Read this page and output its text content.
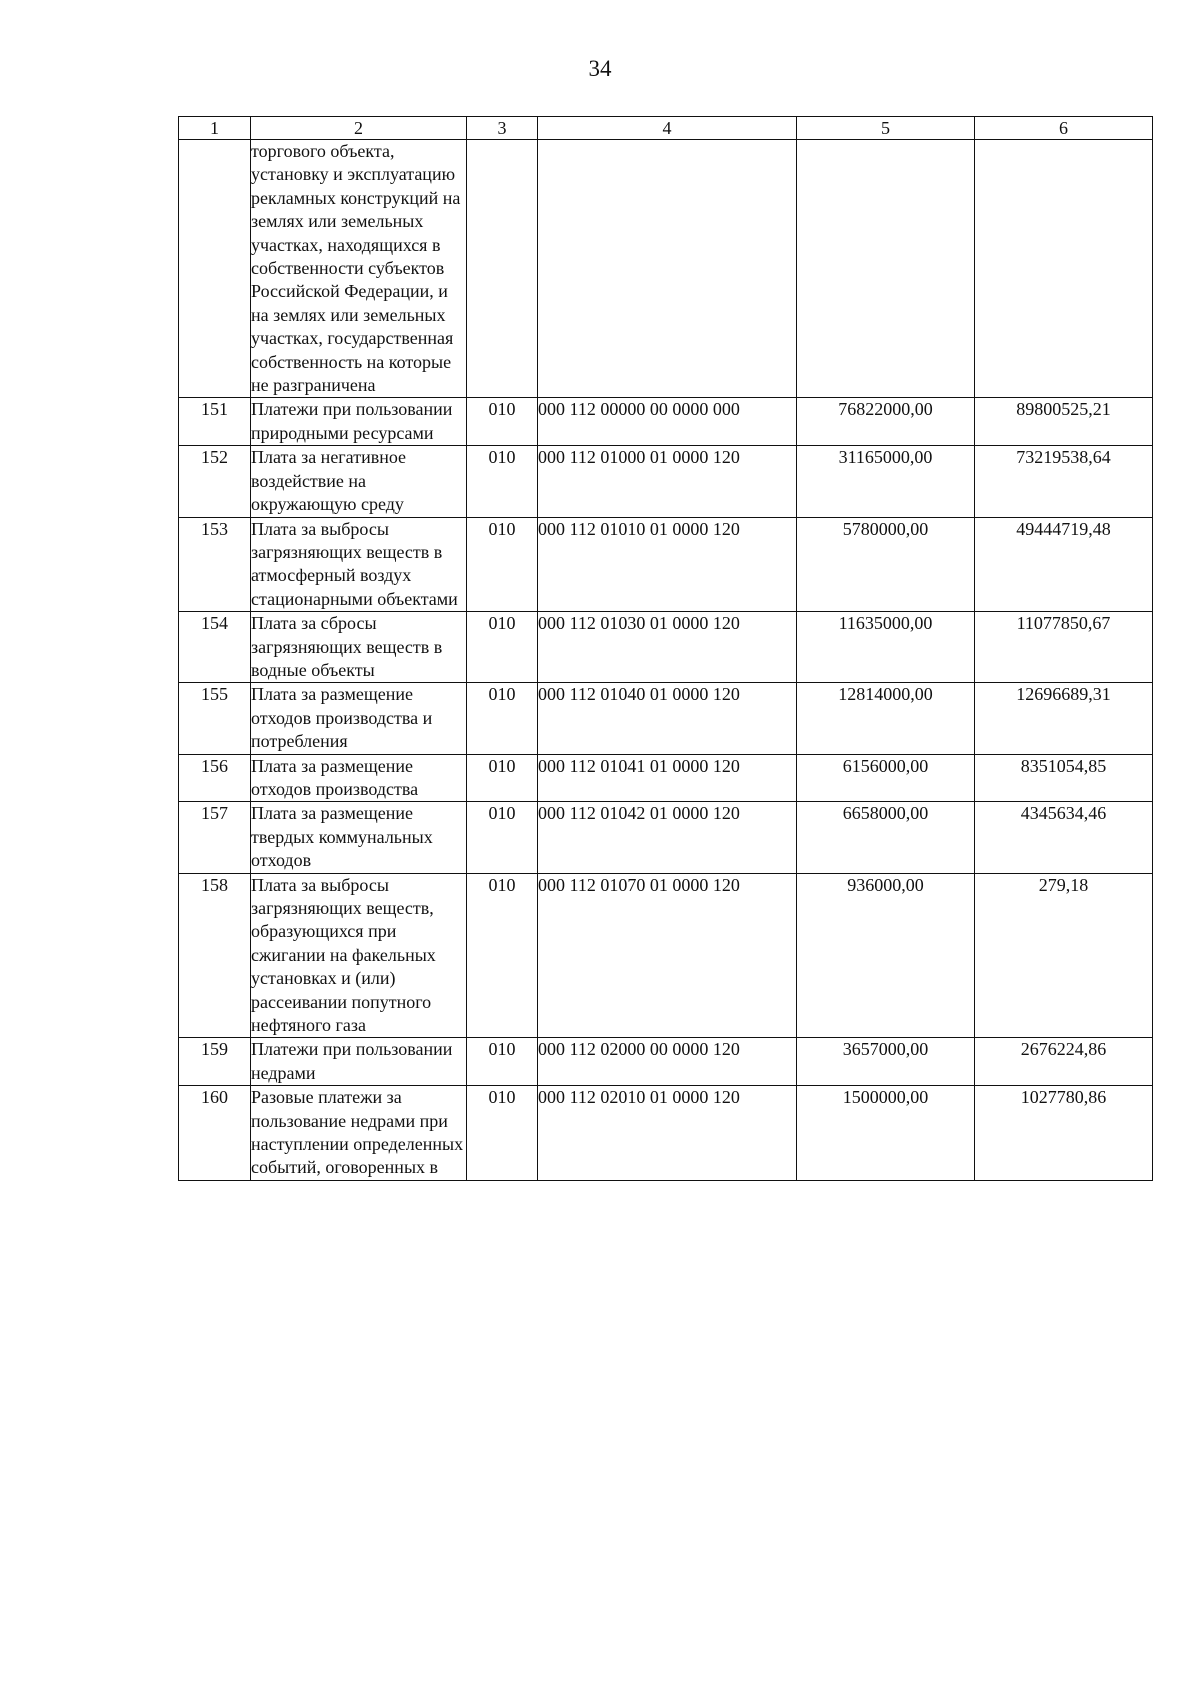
34
1	2	3	4	5	6
	торгового объекта, установку и эксплуатацию рекламных конструкций на землях или земельных участках, находящихся в собственности субъектов Российской Федерации, и на землях или земельных участках, государственная собственность на которые не разграничена				
151	Платежи при пользовании природными ресурсами	010	000 112 00000 00 0000 000	76822000,00	89800525,21
152	Плата за негативное воздействие на окружающую среду	010	000 112 01000 01 0000 120	31165000,00	73219538,64
153	Плата за выбросы загрязняющих веществ в атмосферный воздух стационарными объектами	010	000 112 01010 01 0000 120	5780000,00	49444719,48
154	Плата за сбросы загрязняющих веществ в водные объекты	010	000 112 01030 01 0000 120	11635000,00	11077850,67
155	Плата за размещение отходов производства и потребления	010	000 112 01040 01 0000 120	12814000,00	12696689,31
156	Плата за размещение отходов производства	010	000 112 01041 01 0000 120	6156000,00	8351054,85
157	Плата за размещение твердых коммунальных отходов	010	000 112 01042 01 0000 120	6658000,00	4345634,46
158	Плата за выбросы загрязняющих веществ, образующихся при сжигании на факельных установках и (или) рассеивании попутного нефтяного газа	010	000 112 01070 01 0000 120	936000,00	279,18
159	Платежи при пользовании недрами	010	000 112 02000 00 0000 120	3657000,00	2676224,86
160	Разовые платежи за пользование недрами при наступлении определенных событий, оговоренных в	010	000 112 02010 01 0000 120	1500000,00	1027780,86
